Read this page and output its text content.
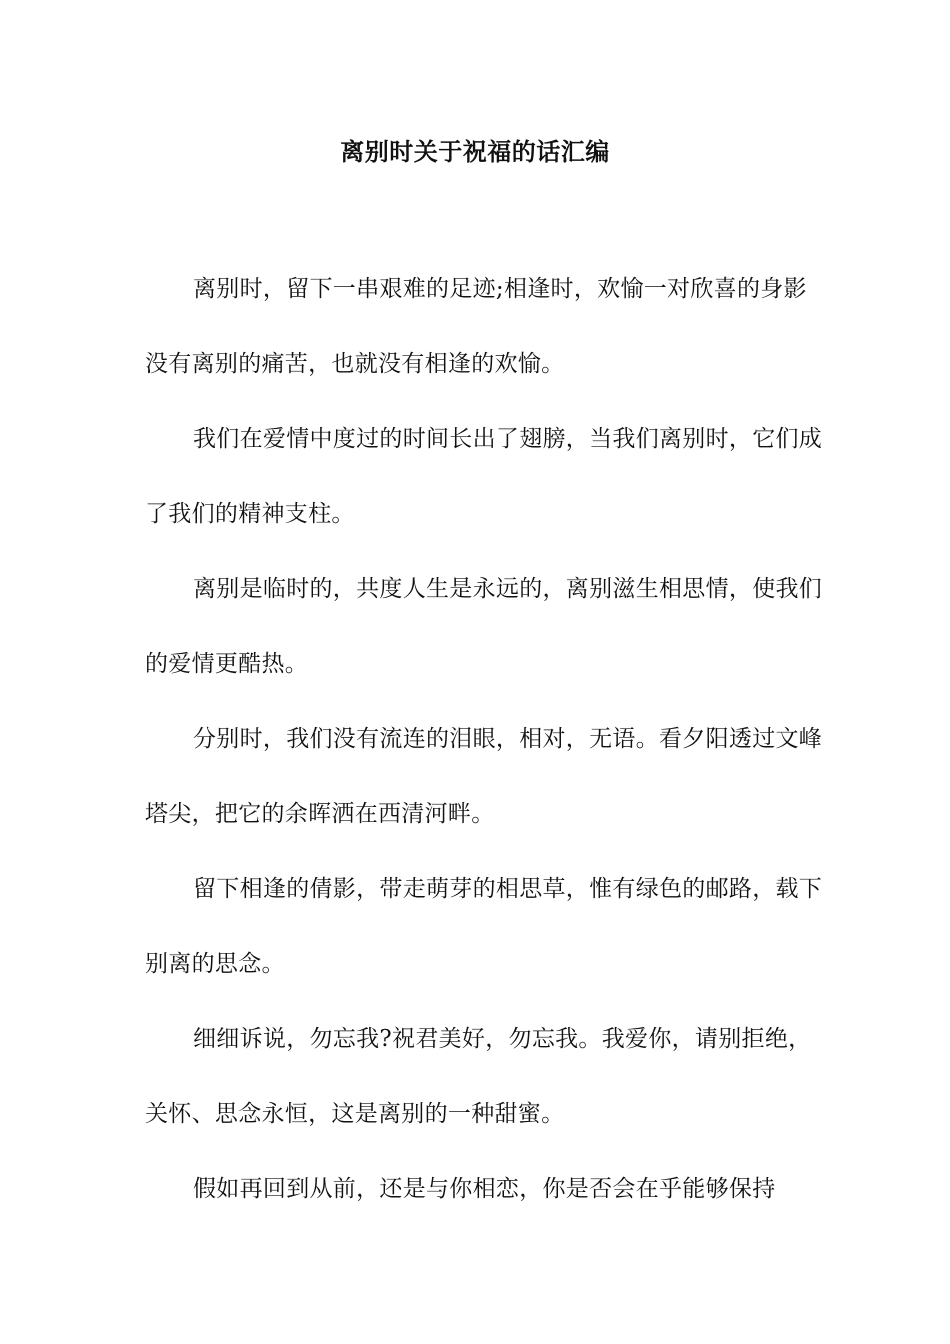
离别时关于祝福的话汇编

离别时，留下一串艰难的足迹;相逢时，欢愉一对欣喜的身影没有离别的痛苦，也就没有相逢的欢愉。

我们在爱情中度过的时间长出了翅膀，当我们离别时，它们成了我们的精神支柱。

离别是临时的，共度人生是永远的，离别滋生相思情，使我们的爱情更酷热。

分别时，我们没有流连的泪眼，相对，无语。看夕阳透过文峰塔尖，把它的余晖洒在西清河畔。

留下相逢的倩影，带走萌芽的相思草，惟有绿色的邮路，载下别离的思念。

细细诉说，勿忘我?祝君美好，勿忘我。我爱你，请别拒绝，关怀、思念永恒，这是离别的一种甜蜜。

假如再回到从前，还是与你相恋，你是否会在乎能够保持
